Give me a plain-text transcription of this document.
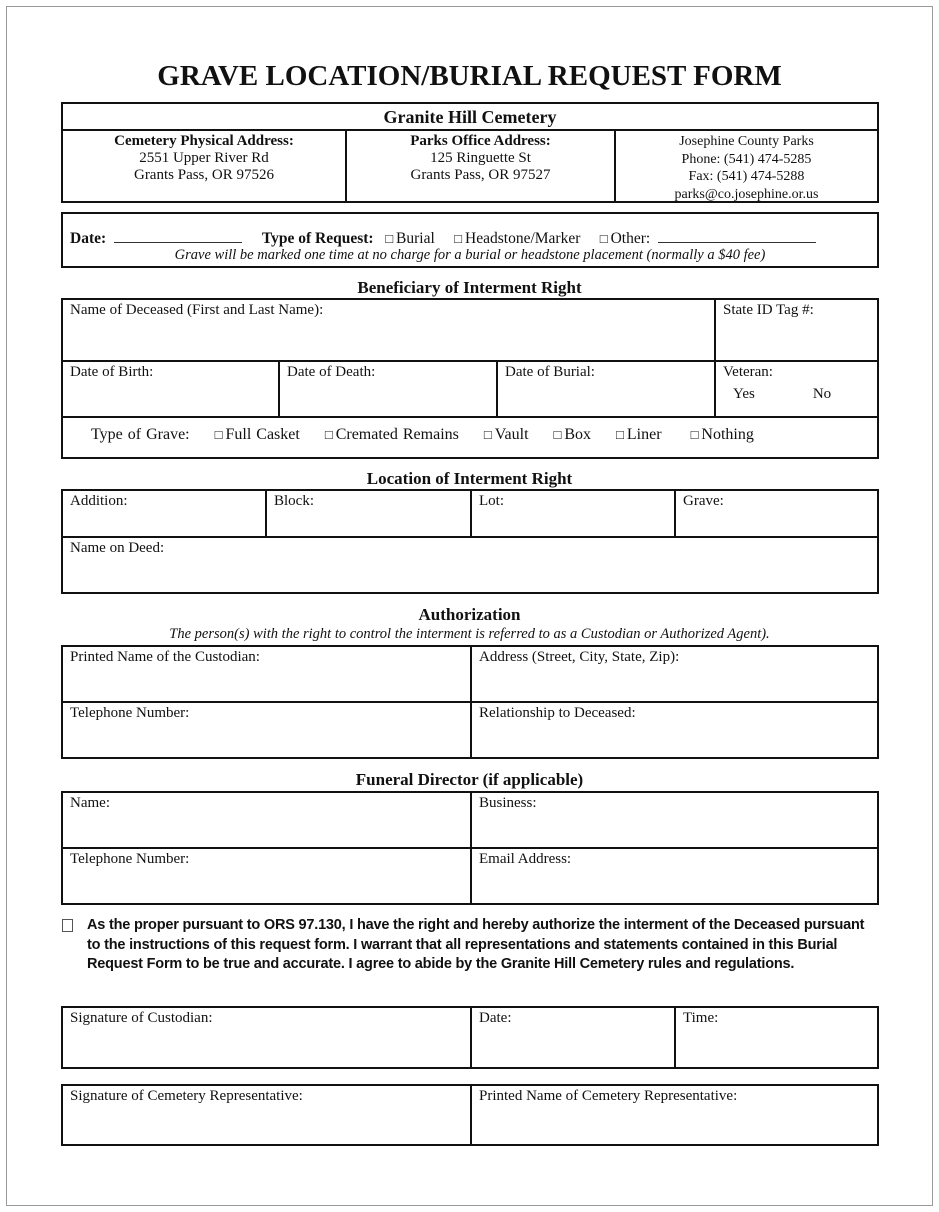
GRAVE LOCATION/BURIAL REQUEST FORM
Granite Hill Cemetery
Cemetery Physical Address:
2551 Upper River Rd
Grants Pass, OR 97526
Parks Office Address:
125 Ringuette St
Grants Pass, OR 97527
Josephine County Parks
Phone: (541) 474-5285
Fax: (541) 474-5288
parks@co.josephine.or.us
Date:	Type of Request: □ Burial □ Headstone/Marker □ Other:
Grave will be marked one time at no charge for a burial or headstone placement (normally a $40 fee)
Beneficiary of Interment Right
Name of Deceased (First and Last Name):	State ID Tag #:
Date of Birth:	Date of Death:	Date of Burial:	Veteran:
Yes	No
Type of Grave: □ Full Casket □ Cremated Remains □ Vault □ Box □ Liner □ Nothing
Location of Interment Right
Addition:	Block:	Lot:	Grave:
Name on Deed:
Authorization
The person(s) with the right to control the interment is referred to as a Custodian or Authorized Agent).
Printed Name of the Custodian:	Address (Street, City, State, Zip):
Telephone Number:	Relationship to Deceased:
Funeral Director (if applicable)
Name:	Business:
Telephone Number:	Email Address:
As the proper pursuant to ORS 97.130, I have the right and hereby authorize the interment of the Deceased pursuant to the instructions of this request form. I warrant that all representations and statements contained in this Burial Request Form to be true and accurate. I agree to abide by the Granite Hill Cemetery rules and regulations.
Signature of Custodian:	Date:	Time:
Signature of Cemetery Representative:	Printed Name of Cemetery Representative:
